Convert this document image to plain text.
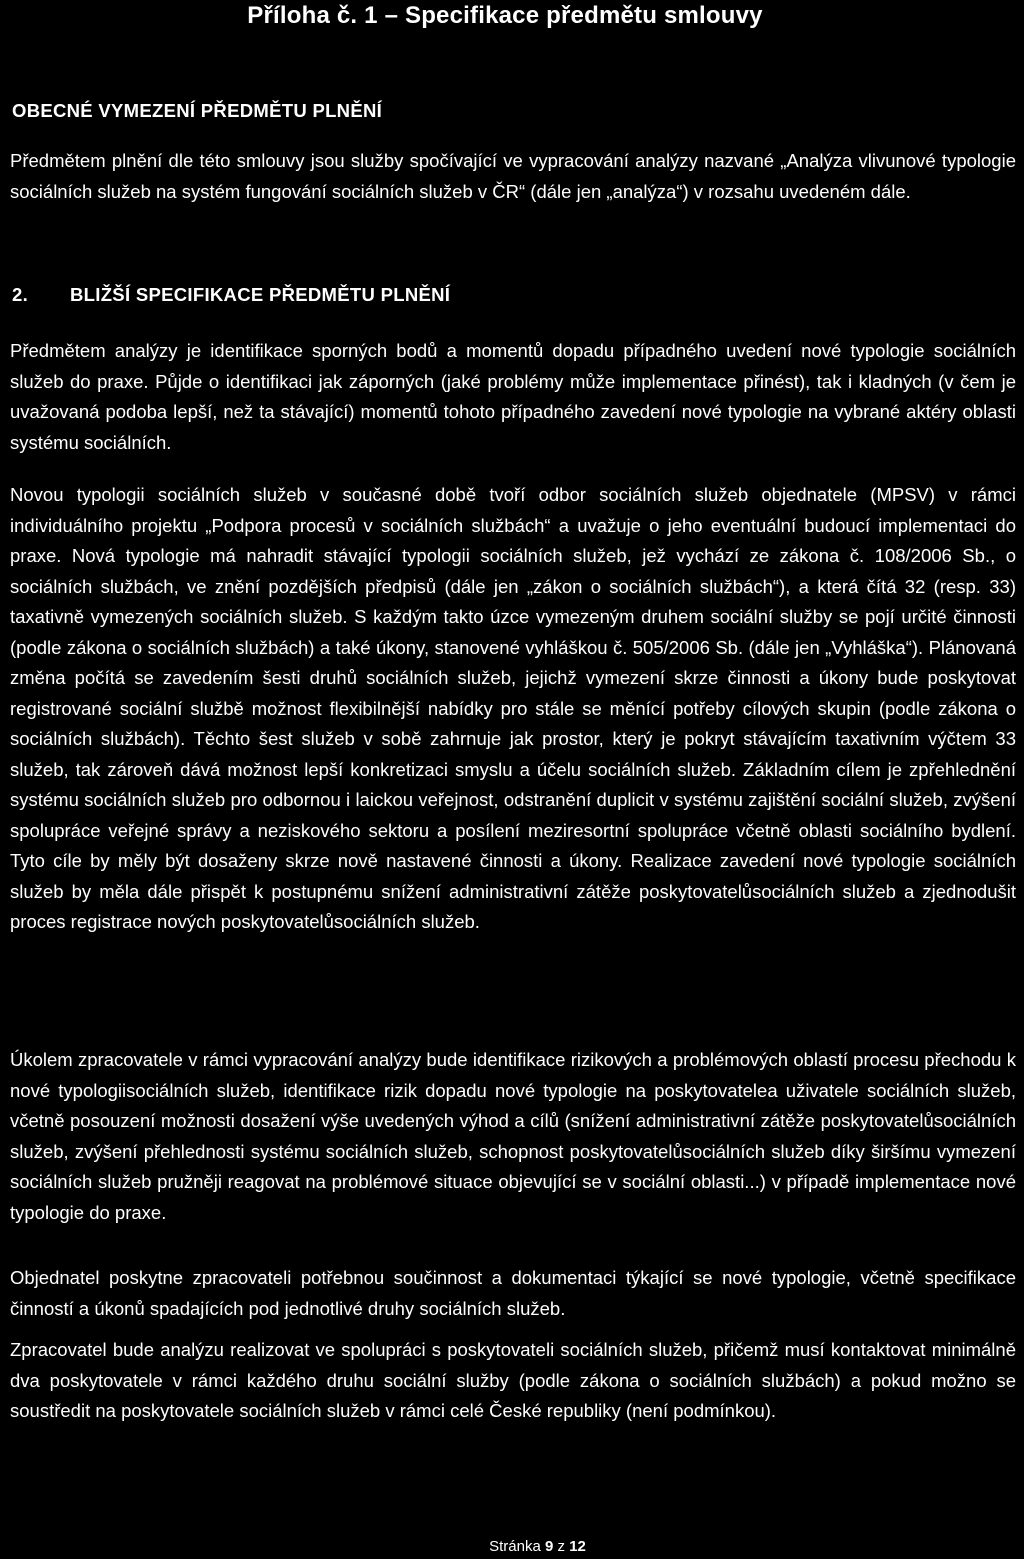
Příloha č. 1 – Specifikace předmětu smlouvy
OBECNÉ VYMEZENÍ PŘEDMĚTU PLNĚNÍ

Předmětem plnění dle této smlouvy jsou služby spočívající ve vypracování analýzy nazvané „Analýza vlivunové typologie sociálních služeb na systém fungování sociálních služeb v ČR“ (dále jen „analýza“) v rozsahu uvedeném dále.

2. BLIŽŠÍ SPECIFIKACE PŘEDMĚTU PLNĚNÍ

Předmětem analýzy je identifikace sporných bodů a momentů dopadu případného uvedení nové typologie sociálních služeb do praxe. Půjde o identifikaci jak záporných (jaké problémy může implementace přinést), tak i kladných (v čem je uvažovaná podoba lepší, než ta stávající) momentů tohoto případného zavedení nové typologie na vybrané aktéry oblasti systému sociálních.

Novou typologii sociálních služeb v současné době tvoří odbor sociálních služeb objednatele (MPSV) v rámci individuálního projektu „Podpora procesů v sociálních službách“ a uvažuje o jeho eventuální budoucí implementaci do praxe. Nová typologie má nahradit stávající typologii sociálních služeb, jež vychází ze zákona č. 108/2006 Sb., o sociálních službách, ve znění pozdějších předpisů (dále jen „zákon o sociálních službách“), a která čítá 32 (resp. 33) taxativně vymezených sociálních služeb. S každým takto úzce vymezeným druhem sociální služby se pojí určité činnosti (podle zákona o sociálních službách) a také úkony, stanovené vyhláškou č. 505/2006 Sb. (dále jen „Vyhláška“). Plánovaná změna počítá se zavedením šesti druhů sociálních služeb, jejichž vymezení skrze činnosti a úkony bude poskytovat registrované sociální službě možnost flexibilnější nabídky pro stále se měnící potřeby cílových skupin (podle zákona o sociálních službách). Těchto šest služeb v sobě zahrnuje jak prostor, který je pokryt stávajícím taxativním výčtem 33 služeb, tak zároveň dává možnost lepší konkretizaci smyslu a účelu sociálních služeb. Základním cílem je zpřehlednění systému sociálních služeb pro odbornou i laickou veřejnost, odstranění duplicit v systému zajištění sociální služeb, zvýšení spolupráce veřejné správy a neziskového sektoru a posílení meziresortní spolupráce včetně oblasti sociálního bydlení. Tyto cíle by měly být dosaženy skrze nově nastavené činnosti a úkony. Realizace zavedení nové typologie sociálních služeb by měla dále přispět k postupnému snížení administrativní zátěže poskytovatelůsociálních služeb a zjednodušit proces registrace nových poskytovatelůsociálních služeb.

Úkolem zpracovatele v rámci vypracování analýzy bude identifikace rizikových a problémových oblastí procesu přechodu k nové typologiisociálních služeb, identifikace rizik dopadu nové typologie na poskytovatelea uživatele sociálních služeb, včetně posouzení možnosti dosažení výše uvedených výhod a cílů (snížení administrativní zátěže poskytovatelůsociálních služeb, zvýšení přehlednosti systému sociálních služeb, schopnost poskytovatelůsociálních služeb díky širšímu vymezení sociálních služeb pružněji reagovat na problémové situace objevující se v sociální oblasti...) v případě implementace nové typologie do praxe.

Objednatel poskytne zpracovateli potřebnou součinnost a dokumentaci týkající se nové typologie, včetně specifikace činností a úkonů spadajících pod jednotlivé druhy sociálních služeb.

Zpracovatel bude analýzu realizovat ve spolupráci s poskytovateli sociálních služeb, přičemž musí kontaktovat minimálně dva poskytovatele v rámci každého druhu sociální služby (podle zákona o sociálních službách) a pokud možno se soustředit na poskytovatele sociálních služeb v rámci celé České republiky (není podmínkou).

Stránka 9 z 12
